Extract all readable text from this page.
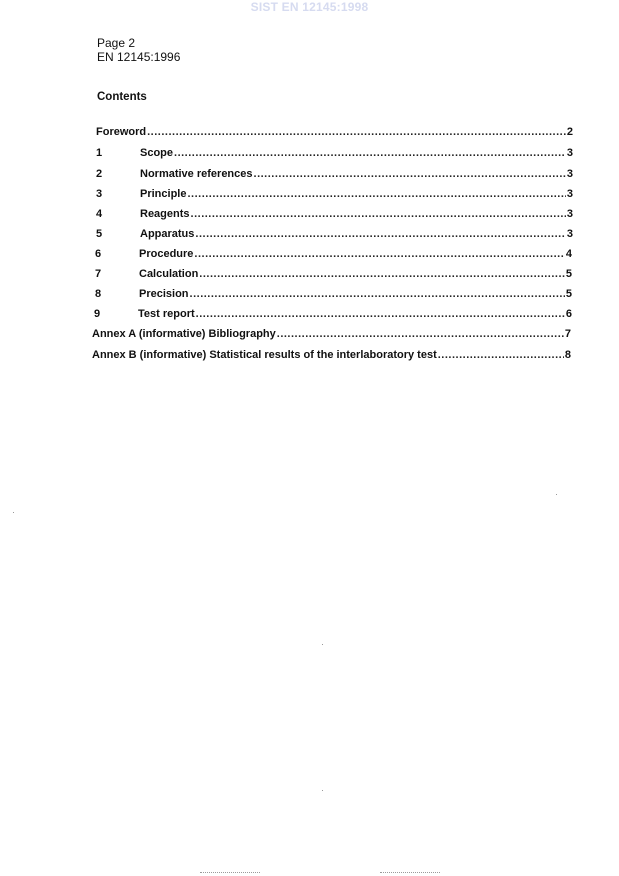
SIST EN 12145:1998
Page 2
EN 12145:1996
Contents
Foreword .....	2
1	Scope .....	3
2	Normative references .....	3
3	Principle .....	3
4	Reagents .....	3
5	Apparatus .....	3
6	Procedure .....	4
7	Calculation .....	5
8	Precision .....	5
9	Test report .....	6
Annex A (informative) Bibliography .....	7
Annex B (informative) Statistical results of the interlaboratory test .....	8
